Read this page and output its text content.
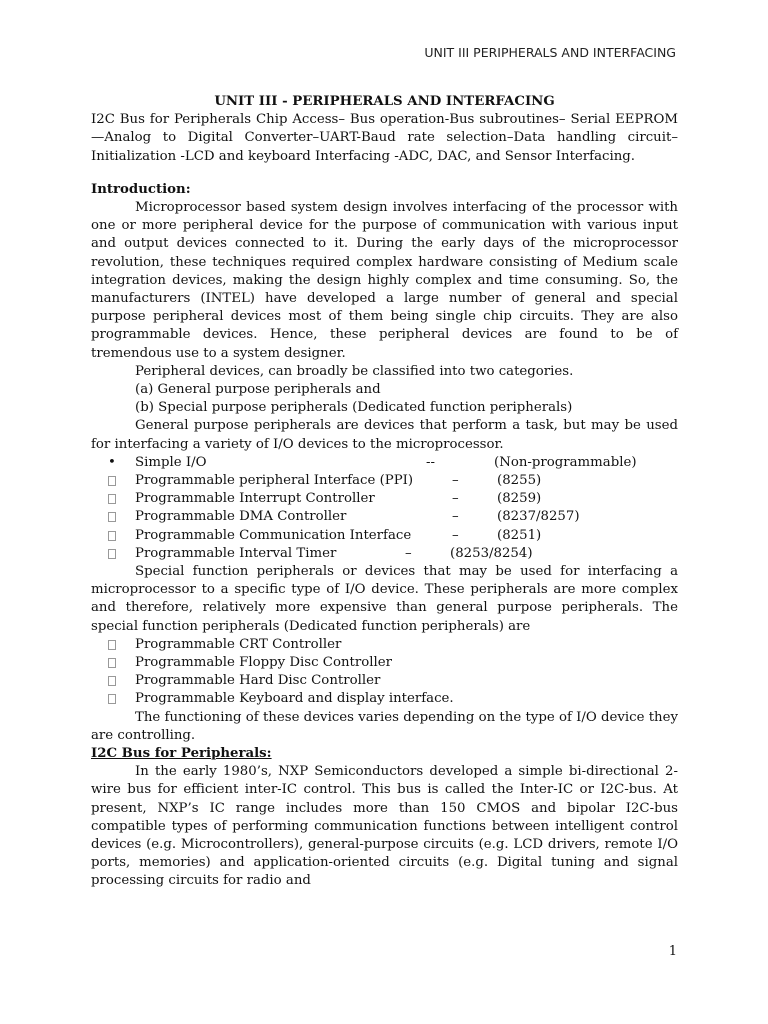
UNIT III PERIPHERALS AND INTERFACING

UNIT III - PERIPHERALS AND INTERFACING

I2C Bus for Peripherals Chip Access– Bus operation-Bus subroutines– Serial EEPROM—Analog to Digital Converter–UART-Baud rate selection–Data handling circuit–Initialization -LCD and keyboard Interfacing -ADC, DAC, and Sensor Interfacing.

Introduction:

Microprocessor based system design involves interfacing of the processor with one or more peripheral device for the purpose of communication with various input and output devices connected to it. During the early days of the microprocessor revolution, these techniques required complex hardware consisting of Medium scale integration devices, making the design highly complex and time consuming. So, the manufacturers (INTEL) have developed a large number of general and special purpose peripheral devices most of them being single chip circuits. They are also programmable devices. Hence, these peripheral devices are found to be of tremendous use to a system designer.

Peripheral devices, can broadly be classified into two categories.

(a) General purpose peripherals and

(b) Special purpose peripherals (Dedicated function peripherals)

General purpose peripherals are devices that perform a task, but may be used for interfacing a variety of I/O devices to the microprocessor.

•	Simple I/O	--	(Non-programmable)
Programmable peripheral Interface (PPI)	–	(8255)
Programmable Interrupt Controller	–	(8259)
Programmable DMA Controller	–	(8237/8257)
Programmable Communication Interface	–	(8251)
Programmable Interval Timer	–	(8253/8254)

Special function peripherals or devices that may be used for interfacing a microprocessor to a specific type of I/O device. These peripherals are more complex and therefore, relatively more expensive than general purpose peripherals. The special function peripherals (Dedicated function peripherals) are

Programmable CRT Controller
Programmable Floppy Disc Controller
Programmable Hard Disc Controller
Programmable Keyboard and display interface.

The functioning of these devices varies depending on the type of I/O device they are controlling.

I2C Bus for Peripherals:

In the early 1980’s, NXP Semiconductors developed a simple bi-directional 2-wire bus for efficient inter-IC control. This bus is called the Inter-IC or I2C-bus. At present, NXP’s IC range includes more than 150 CMOS and bipolar I2C-bus compatible types of performing communication functions between intelligent control devices (e.g. Microcontrollers), general-purpose circuits (e.g. LCD drivers, remote I/O ports, memories) and application-oriented circuits (e.g. Digital tuning and signal processing circuits for radio and

1
